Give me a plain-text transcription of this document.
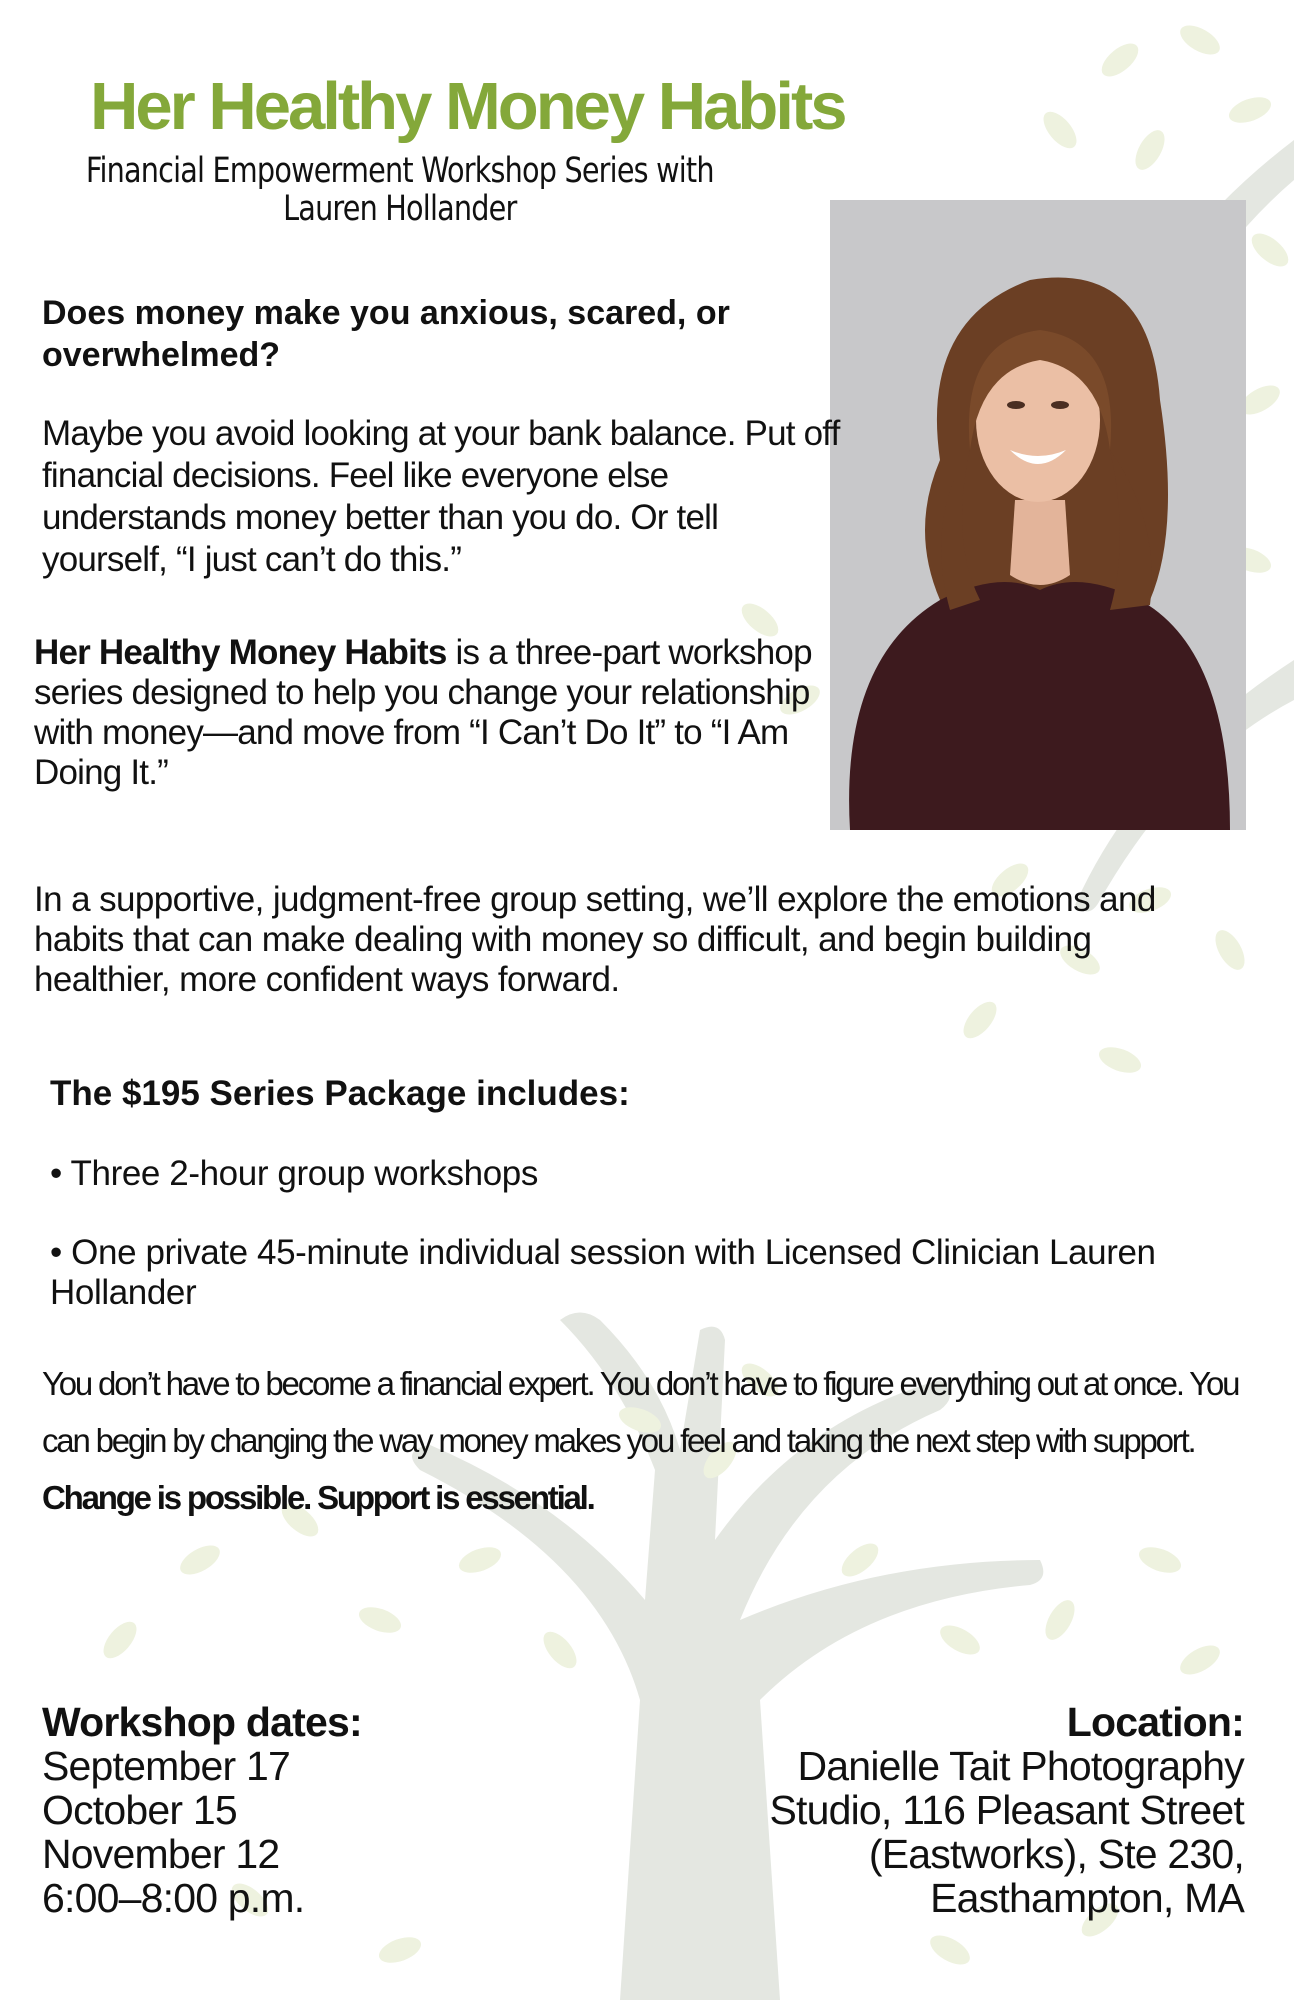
Her Healthy Money Habits
Financial Empowerment Workshop Series with
Lauren Hollander

Does money make you anxious, scared, or overwhelmed?

Maybe you avoid looking at your bank balance. Put off financial decisions. Feel like everyone else understands money better than you do. Or tell yourself, “I just can’t do this.”

Her Healthy Money Habits is a three-part workshop series designed to help you change your relationship with money—and move from “I Can’t Do It” to “I Am Doing It.”

In a supportive, judgment-free group setting, we’ll explore the emotions and habits that can make dealing with money so difficult, and begin building healthier, more confident ways forward.

The $195 Series Package includes:

• Three 2-hour group workshops

• One private 45-minute individual session with Licensed Clinician Lauren Hollander

You don’t have to become a financial expert. You don’t have to figure everything out at once. You can begin by changing the way money makes you feel and taking the next step with support. Change is possible. Support is essential.

Workshop dates:
September 17
October 15
November 12
6:00–8:00 p.m.
Location:
Danielle Tait Photography
Studio, 116 Pleasant Street
(Eastworks), Ste 230,
Easthampton, MA
